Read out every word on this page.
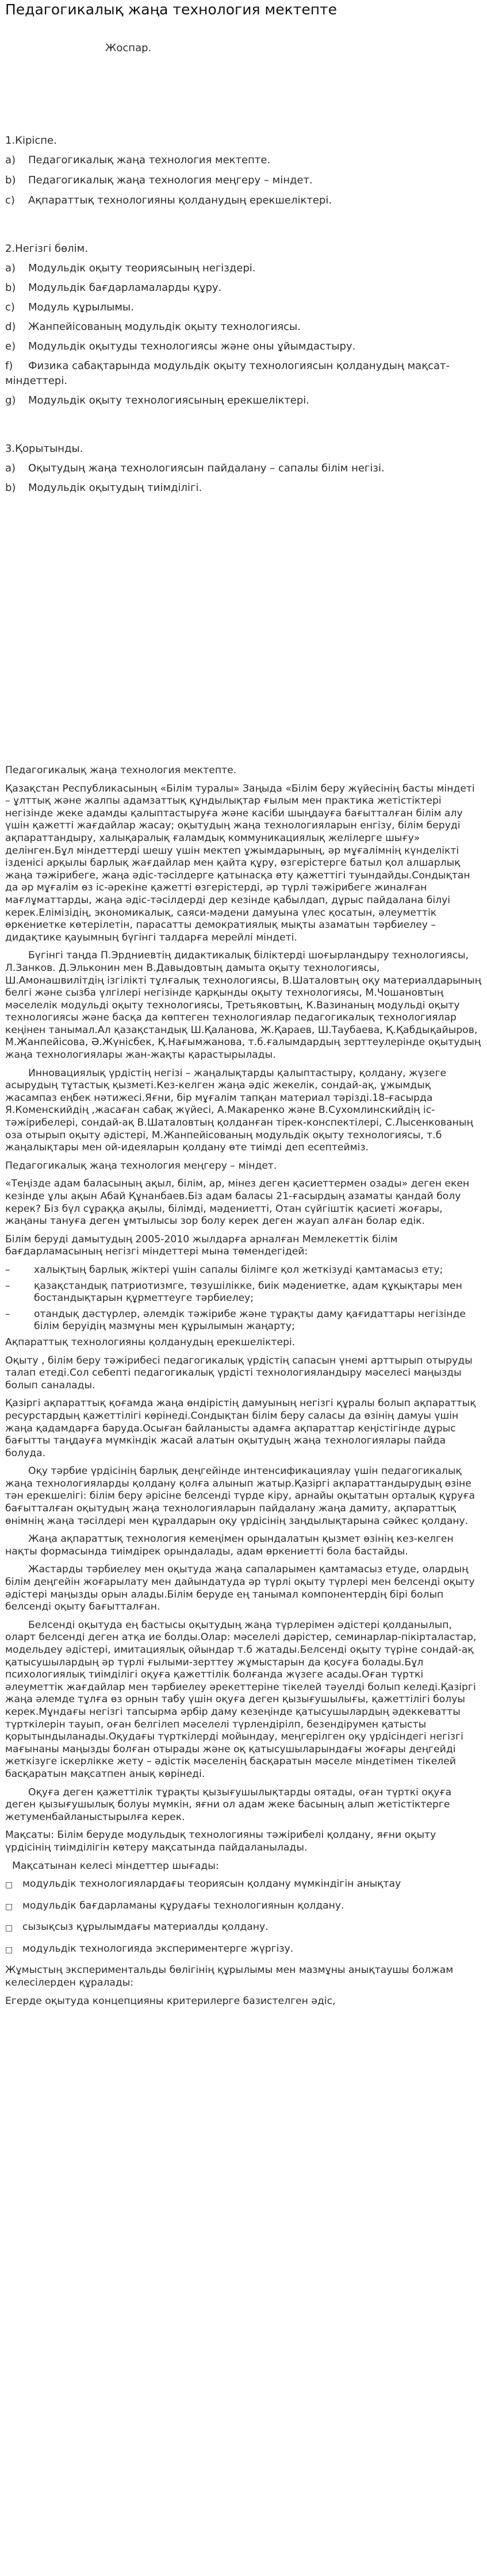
Педагогикалық жаңа технология мектепте
Жоспар.
1.Кіріспе.
a) Педагогикалық жаңа технология мектепте.
b) Педагогикалық жаңа технология меңгеру – міндет.
c) Ақпараттық технологияны қолданудың ерекшеліктері.
2.Негізгі бөлім.
a) Модульдік оқыту теориясының негіздері.
b) Модульдік бағдарламаларды құру.
c) Модуль құрылымы.
d) Жанпейісованың модульдік оқыту технологиясы.
e) Модульдік оқытуды технологиясы және оны ұйымдастыру.
f) Физика сабақтарында модульдік оқыту технологиясын қолданудың мақсат-міндеттері.
g) Модульдік оқыту технологиясының ерекшеліктері.
3.Қорытынды.
a) Оқытудың жаңа технологиясын пайдалану – сапалы білім негізі.
b) Модульдік оқытудың тиімділігі.

Педагогикалық жаңа технология мектепте.

Қазақстан Республикасының «Білім туралы» Заңыда «Білім беру жүйесінің басты міндеті – ұлттық және жалпы адамзаттық құндылықтар ғылым мен практика жетістіктері негізінде жеке адамды қалыптастыруға және касіби шыңдауға бағытталған білім алу үшін қажетті жағдайлар жасау; оқытудың жаңа технологияларын енгізу, білім беруді ақпараттандыру, халықаралық ғаламдық коммуникациялық желілерге шығу» делінген.Бұл міндеттерді шешу үшін мектеп ұжымдарының, әр мұғалімнің күнделікті ізденісі арқылы барлық жағдайлар мен қайта құру, өзгерістерге батыл қол алшарлық жаңа тәжірибеге, жаңа әдіс-тәсілдерге қатынасқа өту қажеттігі туындайды.Сондықтан да әр мұғалім өз іс-әрекіне қажетті өзгерістерді, әр түрлі тәжірибеге жиналған мағлұматтарды, жаңа әдіс-тәсілдерді дер кезінде қабылдап, дұрыс пайдалана білуі керек.Елімізідің, экономикалық, саяси-мәдени дамуына үлес қосатын, әлеуметтік өркениетке көтерілетін, парасатты демократиялық мықты азаматын тәрбиелеу – дидақтике қауымның бүгінгі талдарға мерейлі міндеті.

Бүгінгі таңда П.Эрдниевтің дидактикалық біліктерді шоғырландыру технологиясы, Л.Занков. Д.Эльконин мен В.Давыдовтың дамыта оқыту технологиясы, Ш.Амонашвилітдің ізгілікті тұлғалық технологиясы, В.Шаталовтың оқу материалдарының белгі және сызба үлгілері негізінде қарқынды оқыту технологиясы, М.Чошановтың мәселелік модульді оқыту технологиясы, Третьяковтың, К.Вазинаның модульді оқыту технологиясы және басқа да көптеген технологиялар педагогикалық технологиялар кеңінен танымал.Ал қазақстандық Ш.Қаланова, Ж.Қараев, Ш.Таубаева, Қ.Қабдықайыров, М.Жанпейісова, Ә.Жүнісбек, Қ.Нағымжанова, т.б.ғалымдардың зерттеулерінде оқытудың жаңа технологиялары жан-жақты қарастырылады.

Инновациялық үрдістің негізі – жаңалықтарды қалыптастыру, қолдану, жүзеге асырудың тұтастық қызметі.Кез-келген жаңа әдіс жекелік, сондай-ақ, ұжымдық жасампаз еңбек нәтижесі.Яғни, бір мұғалім тапқан материал тәрізді.18-ғасырда Я.Коменскийдің ,жасаған сабақ жүйесі, А.Макаренко және В.Сухомлинскийдің іс-тәжірибелері, сондай-ақ В.Шаталовтың қолданған тірек-конспектілері, С.Лысенкованың оза отырып оқыту әдістері, М.Жанпейісованың модульдік оқыту технологиясы, т.б жаңалықтары мен ой-идеяларын қолдану өте тиімді деп есептейміз.

Педагогикалық жаңа технология меңгеру – міндет.

«Теңізде адам баласының ақыл, білім, ар, мінез деген қасиеттермен озады» деген екен кезінде ұлы ақын Абай Құнанбаев.Біз адам баласы 21-ғасырдың азаматы қандай болу керек? Біз бүл сұраққа ақылы, білімді, мәдениетті, Отан сүйгіштік қасиеті жоғары, жаңаны тануға деген ұмтылысы зор болу керек деген жауап алған болар едік.

Білім беруді дамытудың 2005-2010 жылдарға арналған Мемлекеттік білім бағдарламасының негізгі міндеттері мына төмендегідей:

–	халықтың барлық жіктері үшін сапалы білімге қол жеткізуді қамтамасыз ету;
–	қазақстандық патриотизмге, төзушілікке, биік мәдениетке, адам құқықтары мен бостандықтарын құрметтеуге тәрбиелеу;
–	отандық дәстүрлер, әлемдік тәжірибе және тұрақты даму қағидаттары негізінде білім беруідің мазмұны мен құрылымын жаңарту;

Ақпараттық технологияны қолданудың ерекшеліктері.

Оқыту , білім беру тәжірибесі педагогикалық үрдістің сапасын үнемі арттырып отыруды талап етеді.Сол себепті педагогикалық үрдісті технологияландыру мәселесі маңызды болып саналады.

Қазіргі ақпараттық қоғамда жаңа өндірістің дамуының негізгі құралы болып ақпараттық ресурстардың қажеттілігі көрінеді.Сондықтан білім беру саласы да өзінің дамуы үшін жаңа қадамдарға баруда.Осыған байланысты адамға ақпараттар кеңістігінде дұрыс бағытты таңдауға мүмкіндік жасай алатын оқытудың жаңа технологиялары пайда болуда.

Оқу тәрбие үрдісінің барлық деңгейінде интенсификациялау үшін педагогикалық жаңа технологияларды қолдану қолға алынып жатыр.Қазіргі ақпараттандырудың өзіне тән ерекшелігі: білім беру әрісіне белсенді түрде кіру, арнайы оқытатын орталық құруға бағытталған оқытудың жаңа технологияларын пайдалану жаңа дамиту, ақпараттық өнімнің жаңа тәсілдері мен құралдарын оқу үрдісінің заңдылықтарына сәйкес қолдану.

Жаңа ақпараттық технология кемеңімен орындалатын қызмет өзінің кез-келген нақты формасында тиімдірек орындалады, адам өркениетті бола бастайды.

Жастарды тәрбиелеу мен оқытуда жаңа сапаларымен қамтамасыз етуде, олардың білім деңгейін жоғарылату мен дайындатуда әр түрлі оқыту түрлері мен белсенді оқыту әдістері маңызды орын алады.Білім беруде ең танымал компонентердің бірі болып белсенді оқыту бағытталған.

Белсенді оқытуда ең бастысы оқытудың жаңа түрлерімен әдістері қолданылып, оларт белсенді деген атқа ие болды.Олар: мәселелі дәрістер, семинарлар-пікірталастар, модельдеу әдістері, имитациялық ойындар т.б жатады.Белсенді оқыту түріне сондай-ақ қатысушылардың әр түрлі ғылыми-зерттеу жұмыстарын да қосуға болады.Бұл психологиялық тиімділігі оқуға қажеттілік болғанда жүзеге асады.Оған түрткі әлеуметтік жағдайлар мен тәрбиелеу әрекеттеріне тікелей тәуелді болып келеді.Қазіргі жаңа әлемде тұлға өз орнын табу үшін оқуға деген қызығушылығы, қажеттілігі болуы керек.Мұндағы негізгі тапсырма әрбір даму кезеңінде қатысушылардың әдеккеватты түрткілерін тауып, оған белгілеп мәселелі түрлендірілп, безендірумен қатысты қорытындыланады.Оқудағы түрткілерді мойындау, меңгерілген оқу үрдісіндегі негізгі мағынаны маңызды болған отырады және оқ қатысушыларындағы жоғары деңгейді жеткізуге іскерлікке жету – әдістік мәселенің басқаратын мәселе міндетімен тікелей басқаратын мақсатпен анық көрінеді.

Оқуға деген қажеттілік тұрақты қызығушылықтарды оятады, оған түрткі оқуға деген қызығушылық болуы мүмкін, яғни ол адам жеке басының алып жетістіктерге жетуменбайланыстырылға керек.

Мақсаты: Білім беруде модульдық технологияны тәжірибелі қолдану, яғни оқыту үрдісінің тиімділігін көтеру мақсатында пайдаланылады.

Мақсатынан келесі міндеттер шығады:

□ модульдік технологиялардағы теориясын қолдану мүмкіндігін анықтау
□ модульдік бағдарламаны құрудағы технологиянын қолдану.
□ сызықсыз құрылымдағы материалды қолдану.
□ модульдік технологияда экспериментерге жүргізу.

Жұмыстың экспериментальды бөлігінің құрылымы мен мазмұны анықтаушы болжам келесілерден құралады:

Егерде оқытуда концепцияны критерилерге базистелген әдіс,
